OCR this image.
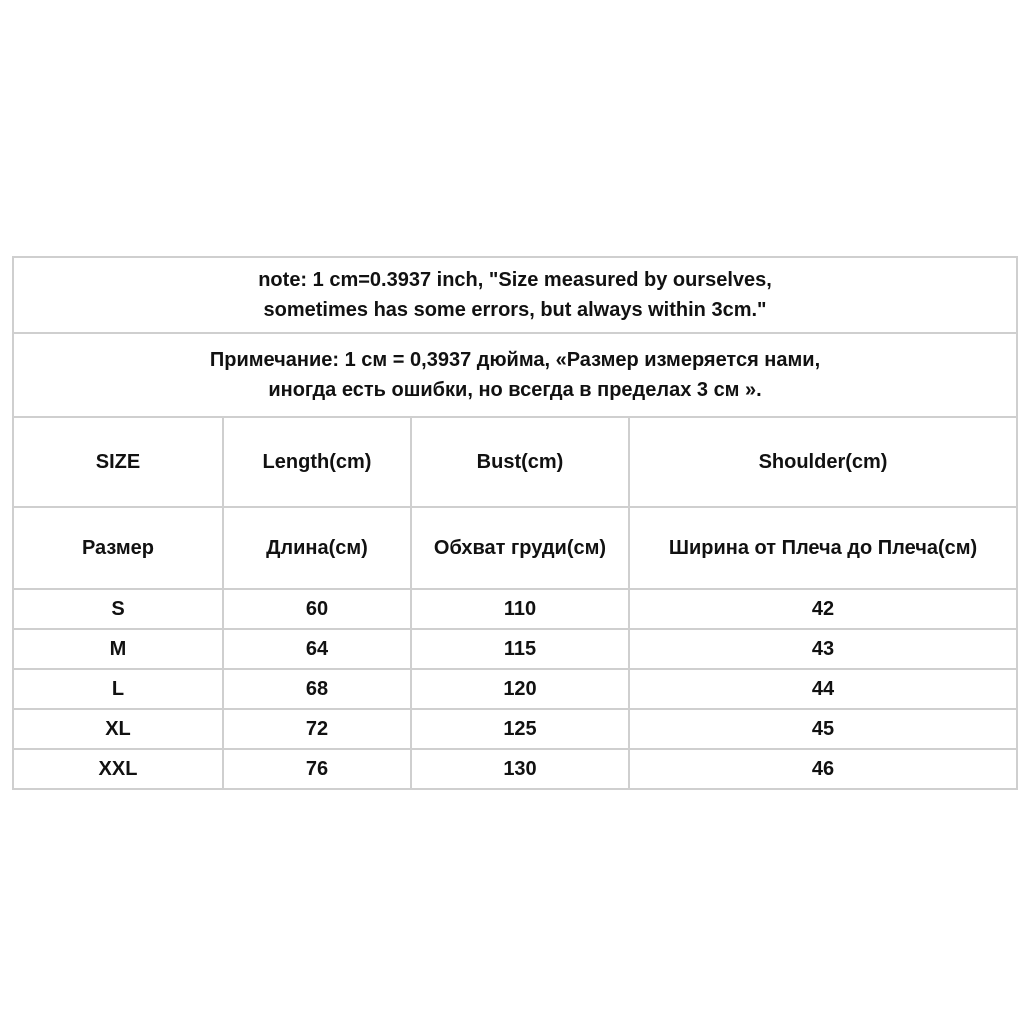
note: 1 cm=0.3937 inch, "Size measured by ourselves,
sometimes has some errors, but always within 3cm."			

Примечание: 1 см = 0,3937 дюйма, «Размер измеряется нами,
иногда есть ошибки, но всегда в пределах 3 см ».			

SIZE	Length(cm)	Bust(cm)	Shoulder(cm)
Размер	Длина(см)	Обхват груди(см)	Ширина от Плеча до Плеча(см)
S	60	110	42
M	64	115	43
L	68	120	44
XL	72	125	45
XXL	76	130	46
